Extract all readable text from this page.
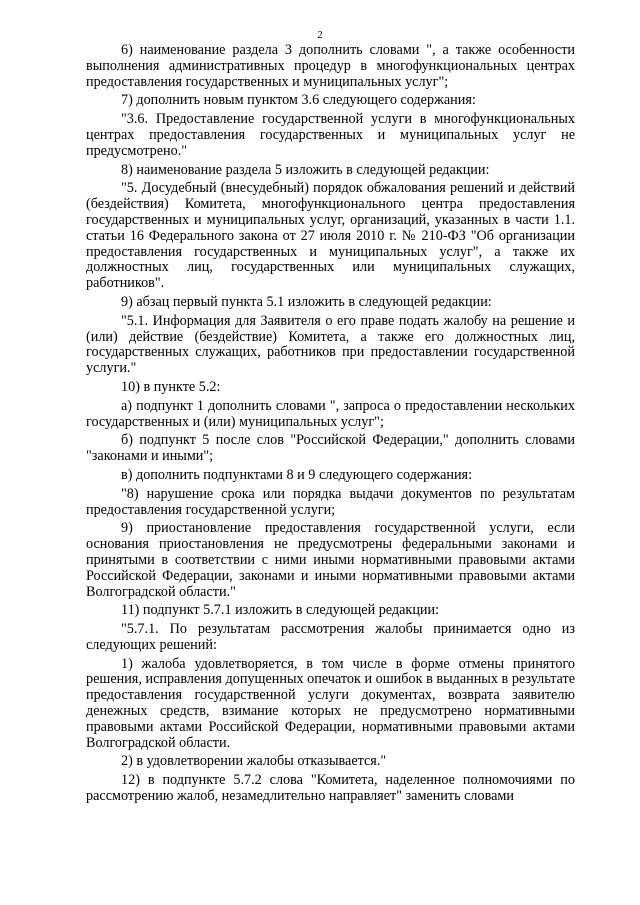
2

6) наименование раздела 3 дополнить словами ", а также особенности выполнения административных процедур в многофункциональных центрах предоставления государственных и муниципальных услуг";

7) дополнить новым пунктом 3.6 следующего содержания:

"3.6. Предоставление государственной услуги в многофункциональных центрах предоставления государственных и муниципальных услуг не предусмотрено."

8) наименование раздела 5 изложить в следующей редакции:

"5. Досудебный (внесудебный) порядок обжалования решений и действий (бездействия) Комитета, многофункционального центра предоставления государственных и муниципальных услуг, организаций, указанных в части 1.1. статьи 16 Федерального закона от 27 июля 2010 г. № 210-ФЗ "Об организации предоставления государственных и муниципальных услуг", а также их должностных лиц, государственных или муниципальных служащих, работников".

9) абзац первый пункта 5.1 изложить в следующей редакции:

"5.1. Информация для Заявителя о его праве подать жалобу на решение и (или) действие (бездействие) Комитета, а также его должностных лиц, государственных служащих, работников при предоставлении государственной услуги."

10) в пункте 5.2:

а) подпункт 1 дополнить словами ", запроса о предоставлении нескольких государственных и (или) муниципальных услуг";

б) подпункт 5 после слов "Российской Федерации," дополнить словами "законами и иными";

в) дополнить подпунктами 8 и 9 следующего содержания:

"8) нарушение срока или порядка выдачи документов по результатам предоставления государственной услуги;

9) приостановление предоставления государственной услуги, если основания приостановления не предусмотрены федеральными законами и принятыми в соответствии с ними иными нормативными правовыми актами Российской Федерации, законами и иными нормативными правовыми актами Волгоградской области."

11) подпункт 5.7.1 изложить в следующей редакции:

"5.7.1. По результатам рассмотрения жалобы принимается одно из следующих решений:

1) жалоба удовлетворяется, в том числе в форме отмены принятого решения, исправления допущенных опечаток и ошибок в выданных в результате предоставления государственной услуги документах, возврата заявителю денежных средств, взимание которых не предусмотрено нормативными правовыми актами Российской Федерации, нормативными правовыми актами Волгоградской области.

2) в удовлетворении жалобы отказывается."

12) в подпункте 5.7.2 слова "Комитета, наделенное полномочиями по рассмотрению жалоб, незамедлительно направляет" заменить словами
